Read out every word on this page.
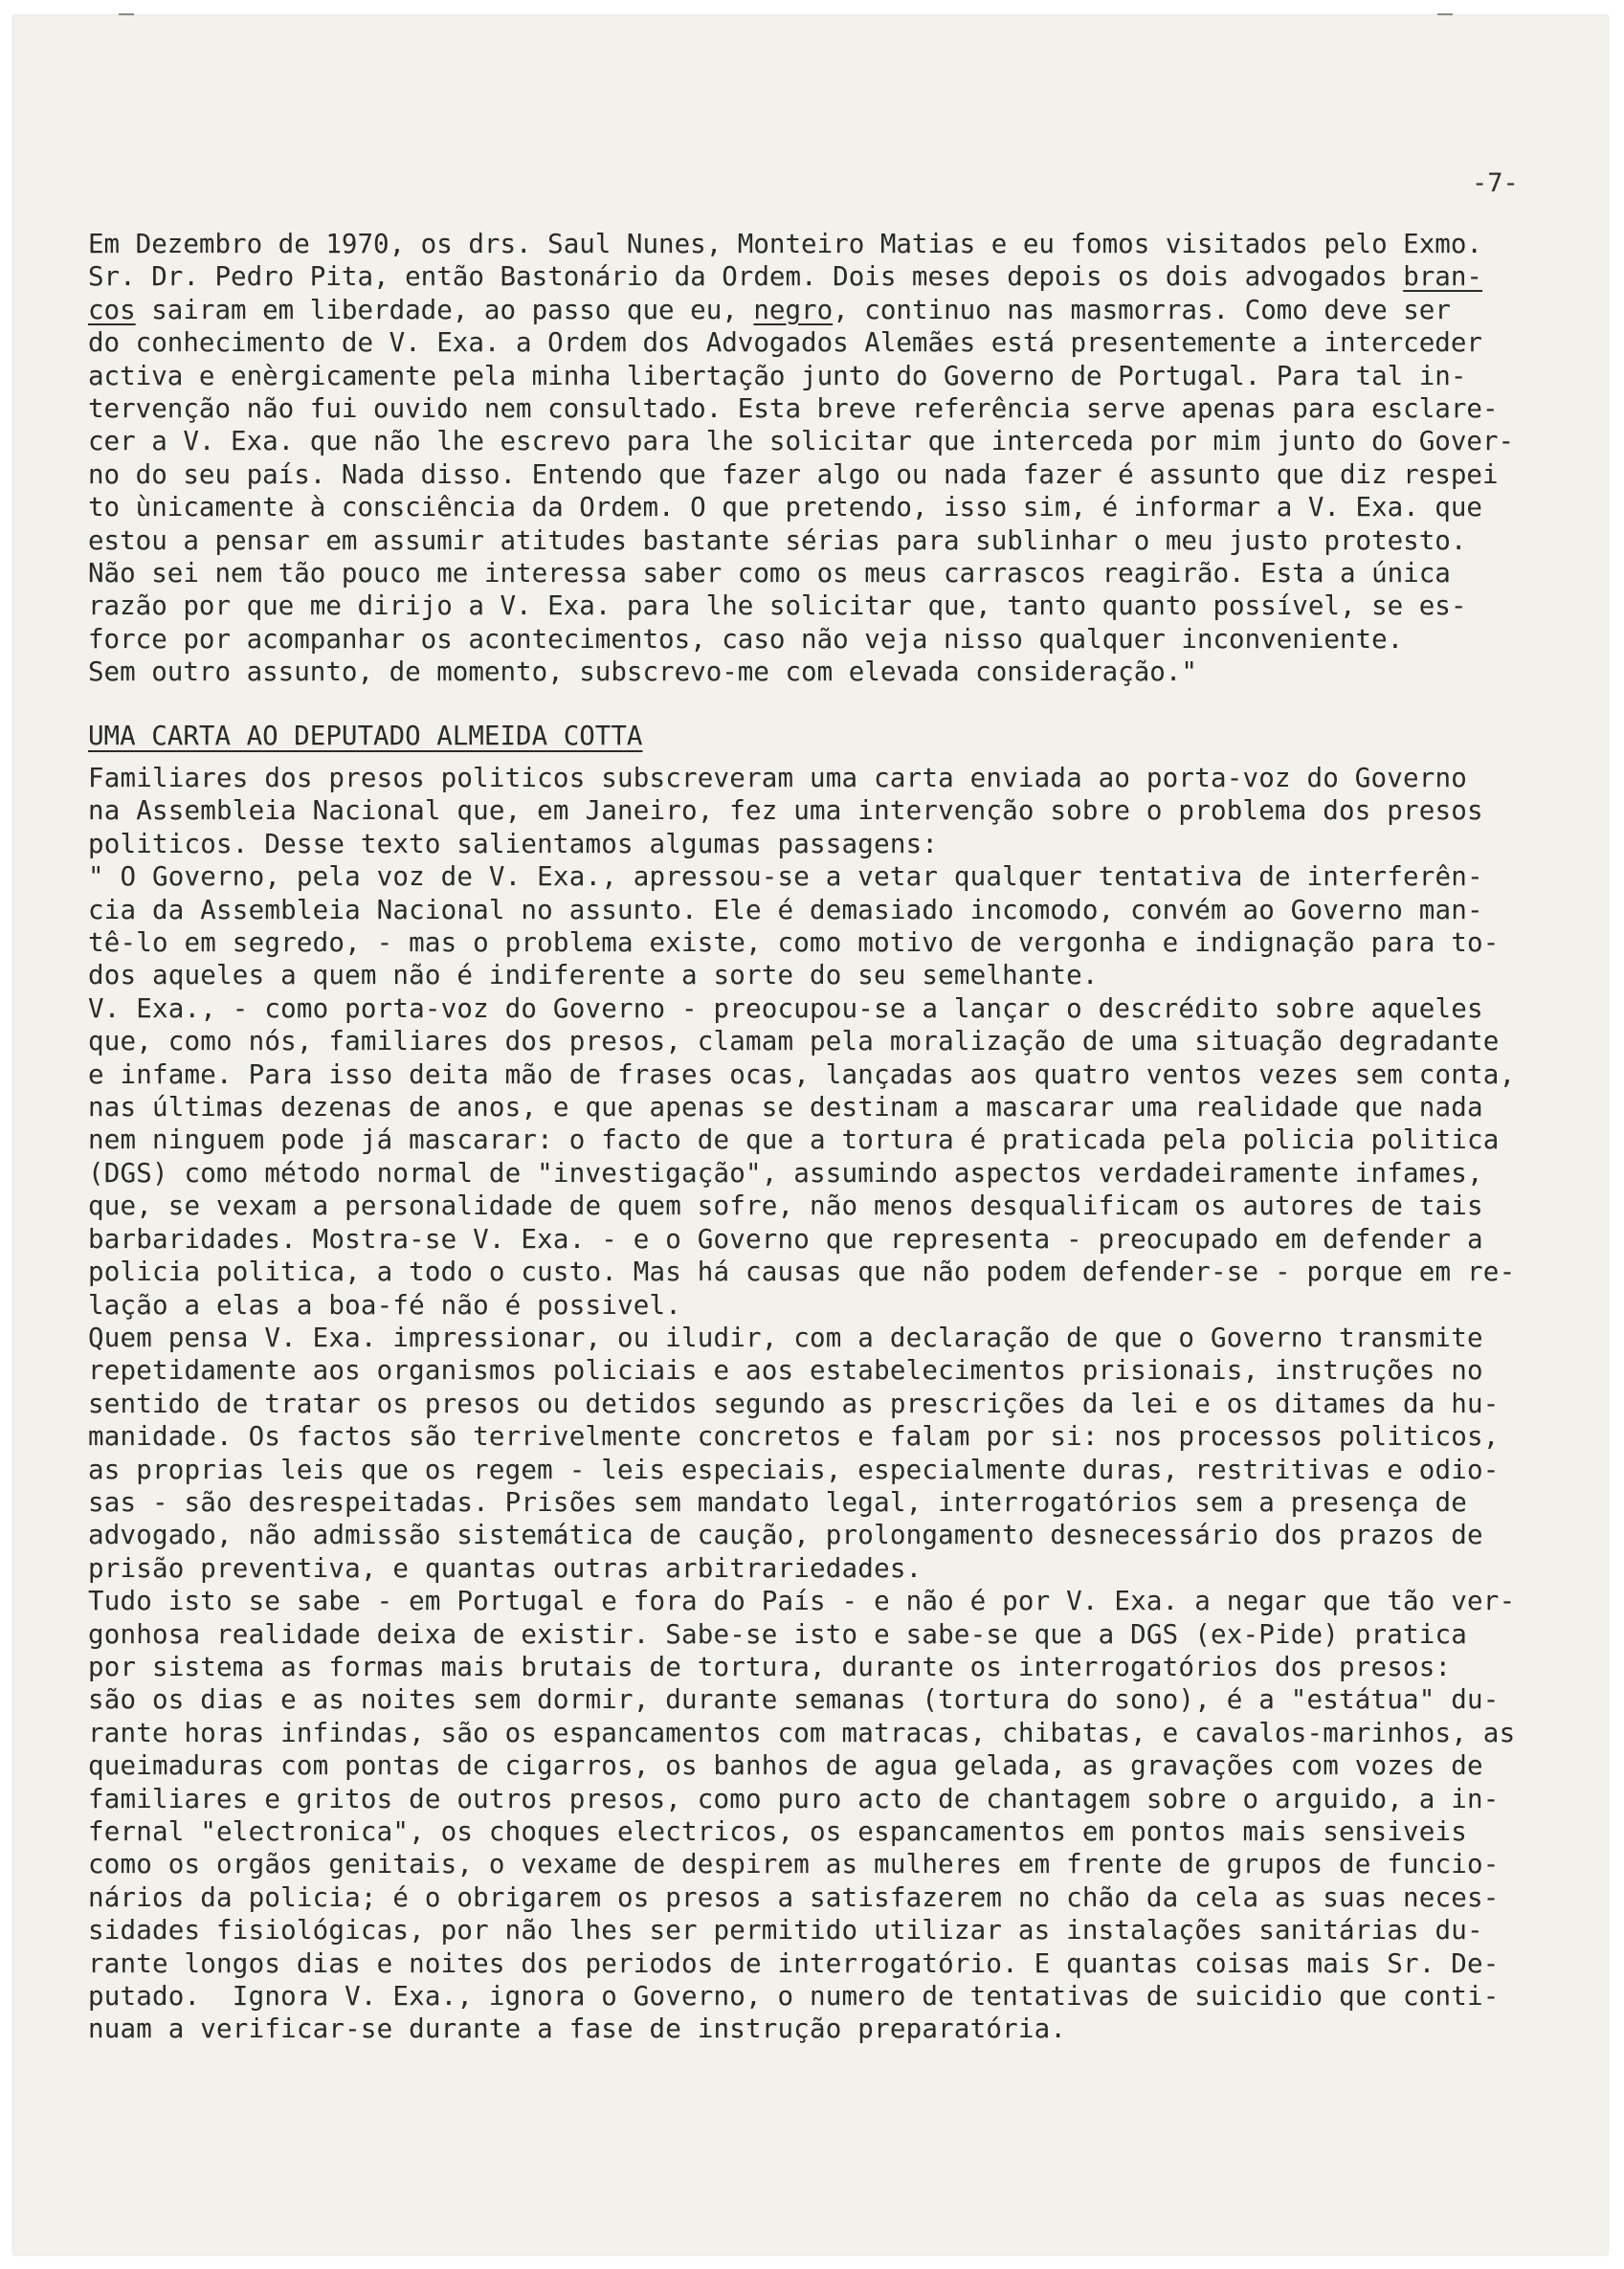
-7-
Em Dezembro de 1970, os drs. Saul Nunes, Monteiro Matias e eu fomos visitados pelo Exmo.
Sr. Dr. Pedro Pita, então Bastonário da Ordem. Dois meses depois os dois advogados bran-
cos sairam em liberdade, ao passo que eu, negro, continuo nas masmorras. Como deve ser
do conhecimento de V. Exa. a Ordem dos Advogados Alemães está presentemente a interceder
activa e enèrgicamente pela minha libertação junto do Governo de Portugal. Para tal in-
tervenção não fui ouvido nem consultado. Esta breve referência serve apenas para esclare-
cer a V. Exa. que não lhe escrevo para lhe solicitar que interceda por mim junto do Gover-
no do seu país. Nada disso. Entendo que fazer algo ou nada fazer é assunto que diz respei
to ùnicamente à consciência da Ordem. O que pretendo, isso sim, é informar a V. Exa. que
estou a pensar em assumir atitudes bastante sérias para sublinhar o meu justo protesto.
Não sei nem tão pouco me interessa saber como os meus carrascos reagirão. Esta a única
razão por que me dirijo a V. Exa. para lhe solicitar que, tanto quanto possível, se es-
force por acompanhar os acontecimentos, caso não veja nisso qualquer inconveniente.
Sem outro assunto, de momento, subscrevo-me com elevada consideração."
UMA CARTA AO DEPUTADO ALMEIDA COTTA
Familiares dos presos politicos subscreveram uma carta enviada ao porta-voz do Governo
na Assembleia Nacional que, em Janeiro, fez uma intervenção sobre o problema dos presos
politicos. Desse texto salientamos algumas passagens:
" O Governo, pela voz de V. Exa., apressou-se a vetar qualquer tentativa de interferên-
cia da Assembleia Nacional no assunto. Ele é demasiado incomodo, convém ao Governo man-
tê-lo em segredo, - mas o problema existe, como motivo de vergonha e indignação para to-
dos aqueles a quem não é indiferente a sorte do seu semelhante.
V. Exa., - como porta-voz do Governo - preocupou-se a lançar o descrédito sobre aqueles
que, como nós, familiares dos presos, clamam pela moralização de uma situação degradante
e infame. Para isso deita mão de frases ocas, lançadas aos quatro ventos vezes sem conta,
nas últimas dezenas de anos, e que apenas se destinam a mascarar uma realidade que nada
nem ninguem pode já mascarar: o facto de que a tortura é praticada pela policia politica
(DGS) como método normal de "investigação", assumindo aspectos verdadeiramente infames,
que, se vexam a personalidade de quem sofre, não menos desqualificam os autores de tais
barbaridades. Mostra-se V. Exa. - e o Governo que representa - preocupado em defender a
policia politica, a todo o custo. Mas há causas que não podem defender-se - porque em re-
lação a elas a boa-fé não é possivel.
Quem pensa V. Exa. impressionar, ou iludir, com a declaração de que o Governo transmite
repetidamente aos organismos policiais e aos estabelecimentos prisionais, instruções no
sentido de tratar os presos ou detidos segundo as prescrições da lei e os ditames da hu-
manidade. Os factos são terrivelmente concretos e falam por si: nos processos politicos,
as proprias leis que os regem - leis especiais, especialmente duras, restritivas e odio-
sas - são desrespeitadas. Prisões sem mandato legal, interrogatórios sem a presença de
advogado, não admissão sistemática de caução, prolongamento desnecessário dos prazos de
prisão preventiva, e quantas outras arbitrariedades.
Tudo isto se sabe - em Portugal e fora do País - e não é por V. Exa. a negar que tão ver-
gonhosa realidade deixa de existir. Sabe-se isto e sabe-se que a DGS (ex-Pide) pratica
por sistema as formas mais brutais de tortura, durante os interrogatórios dos presos:
são os dias e as noites sem dormir, durante semanas (tortura do sono), é a "estátua" du-
rante horas infindas, são os espancamentos com matracas, chibatas, e cavalos-marinhos, as
queimaduras com pontas de cigarros, os banhos de agua gelada, as gravações com vozes de
familiares e gritos de outros presos, como puro acto de chantagem sobre o arguido, a in-
fernal "electronica", os choques electricos, os espancamentos em pontos mais sensiveis
como os orgãos genitais, o vexame de despirem as mulheres em frente de grupos de funcio-
nários da policia; é o obrigarem os presos a satisfazerem no chão da cela as suas neces-
sidades fisiológicas, por não lhes ser permitido utilizar as instalações sanitárias du-
rante longos dias e noites dos periodos de interrogatório. E quantas coisas mais Sr. De-
putado.  Ignora V. Exa., ignora o Governo, o numero de tentativas de suicidio que conti-
nuam a verificar-se durante a fase de instrução preparatória.
